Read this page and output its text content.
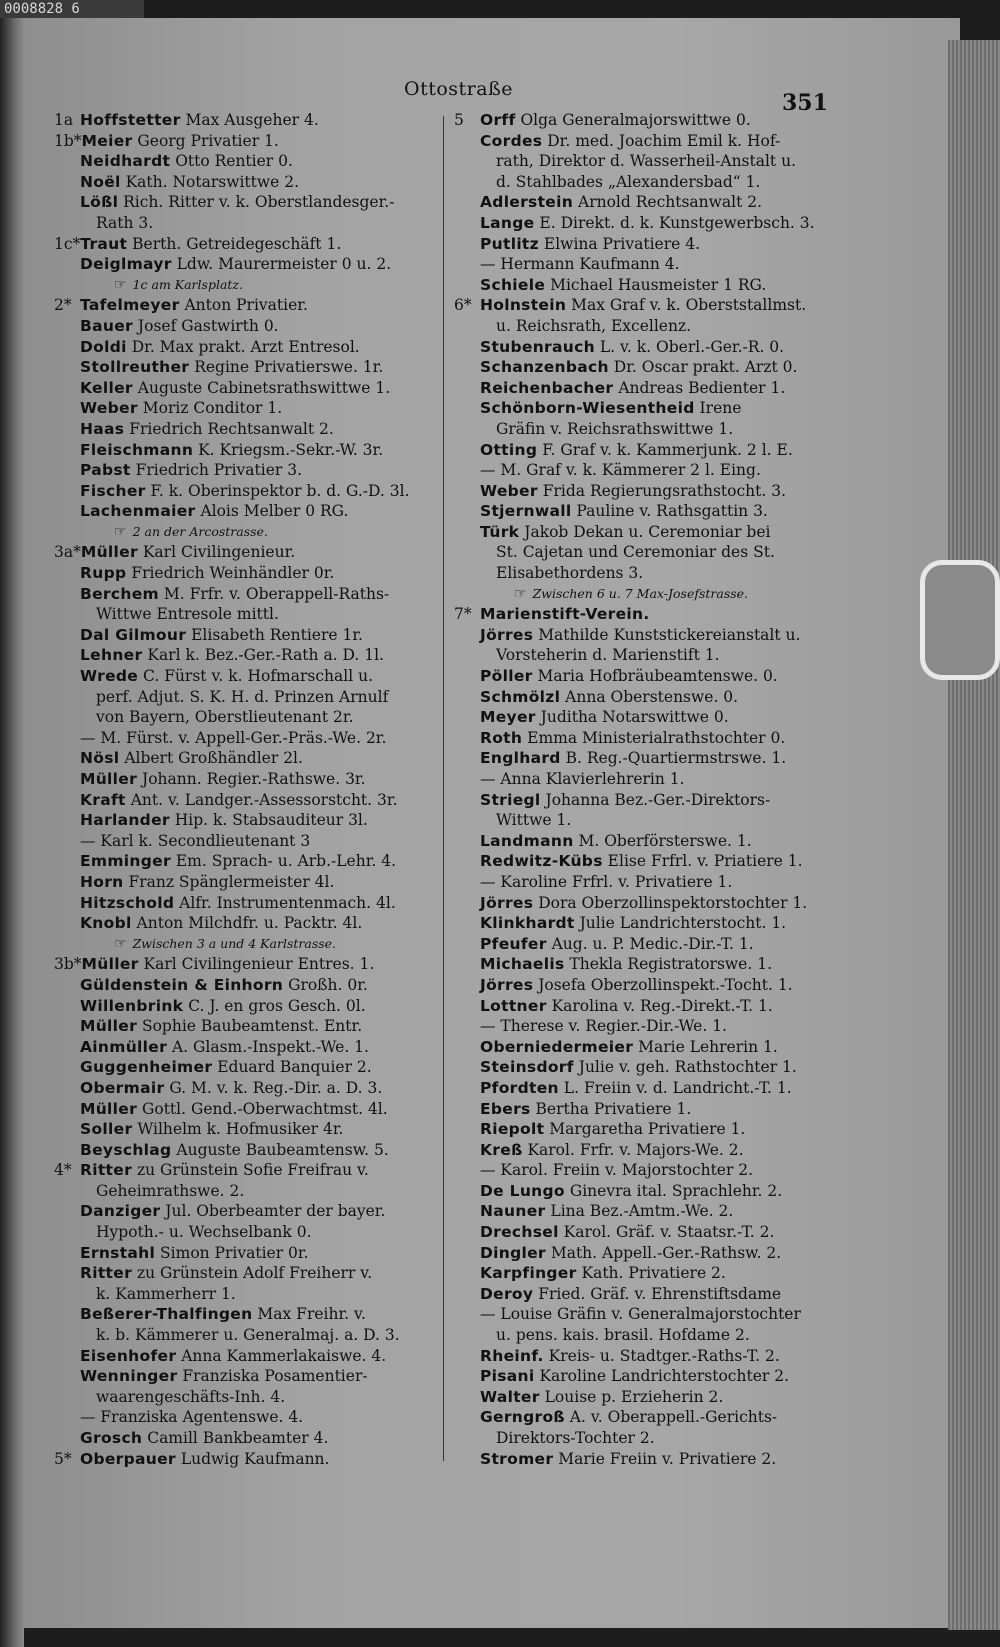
0008828 6
Ottostraße
351
1a Hoffstetter Max Ausgeher 4.
1b*Meier Georg Privatier 1.
Neidhardt Otto Rentier 0.
Noël Kath. Notarswittwe 2.
Lößl Rich. Ritter v. k. Oberstlandesger.-
Rath 3.
1c*Traut Berth. Getreidegeschäft 1.
Deiglmayr Ldw. Maurermeister 0 u. 2.
☞ 1c am Karlsplatz.
2* Tafelmeyer Anton Privatier.
Bauer Josef Gastwirth 0.
Doldi Dr. Max prakt. Arzt Entresol.
Stollreuther Regine Privatierswe. 1r.
Keller Auguste Cabinetsrathswittwe 1.
Weber Moriz Conditor 1.
Haas Friedrich Rechtsanwalt 2.
Fleischmann K. Kriegsm.-Sekr.-W. 3r.
Pabst Friedrich Privatier 3.
Fischer F. k. Oberinspektor b. d. G.-D. 3l.
Lachenmaier Alois Melber 0 RG.
☞ 2 an der Arcostrasse.
3a*Müller Karl Civilingenieur.
Rupp Friedrich Weinhändler 0r.
Berchem M. Frfr. v. Oberappell-Raths-
Wittwe Entresole mittl.
Dal Gilmour Elisabeth Rentiere 1r.
Lehner Karl k. Bez.-Ger.-Rath a. D. 1l.
Wrede C. Fürst v. k. Hofmarschall u.
perf. Adjut. S. K. H. d. Prinzen Arnulf
von Bayern, Oberstlieutenant 2r.
— M. Fürst. v. Appell-Ger.-Präs.-We. 2r.
Nösl Albert Großhändler 2l.
Müller Johann. Regier.-Rathswe. 3r.
Kraft Ant. v. Landger.-Assessorstcht. 3r.
Harlander Hip. k. Stabsauditeur 3l.
— Karl k. Secondlieutenant 3
Emminger Em. Sprach- u. Arb.-Lehr. 4.
Horn Franz Spänglermeister 4l.
Hitzschold Alfr. Instrumentenmach. 4l.
Knobl Anton Milchdfr. u. Packtr. 4l.
☞ Zwischen 3 a und 4 Karlstrasse.
3b*Müller Karl Civilingenieur Entres. 1.
Güldenstein & Einhorn Großh. 0r.
Willenbrink C. J. en gros Gesch. 0l.
Müller Sophie Baubeamtenst. Entr.
Ainmüller A. Glasm.-Inspekt.-We. 1.
Guggenheimer Eduard Banquier 2.
Obermair G. M. v. k. Reg.-Dir. a. D. 3.
Müller Gottl. Gend.-Oberwachtmst. 4l.
Soller Wilhelm k. Hofmusiker 4r.
Beyschlag Auguste Baubeamtensw. 5.
4* Ritter zu Grünstein Sofie Freifrau v.
Geheimrathswe. 2.
Danziger Jul. Oberbeamter der bayer.
Hypoth.- u. Wechselbank 0.
Ernstahl Simon Privatier 0r.
Ritter zu Grünstein Adolf Freiherr v.
k. Kammerherr 1.
Beßerer-Thalfingen Max Freihr. v.
k. b. Kämmerer u. Generalmaj. a. D. 3.
Eisenhofer Anna Kammerlakaiswe. 4.
Wenninger Franziska Posamentier-
waarengeschäfts-Inh. 4.
— Franziska Agentenswe. 4.
Grosch Camill Bankbeamter 4.
5* Oberpauer Ludwig Kaufmann.
5 Orff Olga Generalmajorswittwe 0.
Cordes Dr. med. Joachim Emil k. Hof-
rath, Direktor d. Wasserheil-Anstalt u.
d. Stahlbades „Alexandersbad“ 1.
Adlerstein Arnold Rechtsanwalt 2.
Lange E. Direkt. d. k. Kunstgewerbsch. 3.
Putlitz Elwina Privatiere 4.
— Hermann Kaufmann 4.
Schiele Michael Hausmeister 1 RG.
6* Holnstein Max Graf v. k. Oberststallmst.
u. Reichsrath, Excellenz.
Stubenrauch L. v. k. Oberl.-Ger.-R. 0.
Schanzenbach Dr. Oscar prakt. Arzt 0.
Reichenbacher Andreas Bedienter 1.
Schönborn-Wiesentheid Irene
Gräfin v. Reichsrathswittwe 1.
Otting F. Graf v. k. Kammerjunk. 2 l. E.
— M. Graf v. k. Kämmerer 2 l. Eing.
Weber Frida Regierungsrathstocht. 3.
Stjernwall Pauline v. Rathsgattin 3.
Türk Jakob Dekan u. Ceremoniar bei
St. Cajetan und Ceremoniar des St.
Elisabethordens 3.
☞ Zwischen 6 u. 7 Max-Josefstrasse.
7* Marienstift-Verein.
Jörres Mathilde Kunststickereianstalt u.
Vorsteherin d. Marienstift 1.
Pöller Maria Hofbräubeamtenswe. 0.
Schmölzl Anna Oberstenswe. 0.
Meyer Juditha Notarswittwe 0.
Roth Emma Ministerialrathstochter 0.
Englhard B. Reg.-Quartiermstrswe. 1.
— Anna Klavierlehrerin 1.
Striegl Johanna Bez.-Ger.-Direktors-
Wittwe 1.
Landmann M. Oberförsterswe. 1.
Redwitz-Kübs Elise Frfrl. v. Priatiere 1.
— Karoline Frfrl. v. Privatiere 1.
Jörres Dora Oberzollinspektorstochter 1.
Klinkhardt Julie Landrichterstocht. 1.
Pfeufer Aug. u. P. Medic.-Dir.-T. 1.
Michaelis Thekla Registratorswe. 1.
Jörres Josefa Oberzollinspekt.-Tocht. 1.
Lottner Karolina v. Reg.-Direkt.-T. 1.
— Therese v. Regier.-Dir.-We. 1.
Oberniedermeier Marie Lehrerin 1.
Steinsdorf Julie v. geh. Rathstochter 1.
Pfordten L. Freiin v. d. Landricht.-T. 1.
Ebers Bertha Privatiere 1.
Riepolt Margaretha Privatiere 1.
Kreß Karol. Frfr. v. Majors-We. 2.
— Karol. Freiin v. Majorstochter 2.
De Lungo Ginevra ital. Sprachlehr. 2.
Nauner Lina Bez.-Amtm.-We. 2.
Drechsel Karol. Gräf. v. Staatsr.-T. 2.
Dingler Math. Appell.-Ger.-Rathsw. 2.
Karpfinger Kath. Privatiere 2.
Deroy Fried. Gräf. v. Ehrenstiftsdame
— Louise Gräfin v. Generalmajorstochter
u. pens. kais. brasil. Hofdame 2.
Rheinf. Kreis- u. Stadtger.-Raths-T. 2.
Pisani Karoline Landrichterstochter 2.
Walter Louise p. Erzieherin 2.
Gerngroß A. v. Oberappell.-Gerichts-
Direktors-Tochter 2.
Stromer Marie Freiin v. Privatiere 2.
